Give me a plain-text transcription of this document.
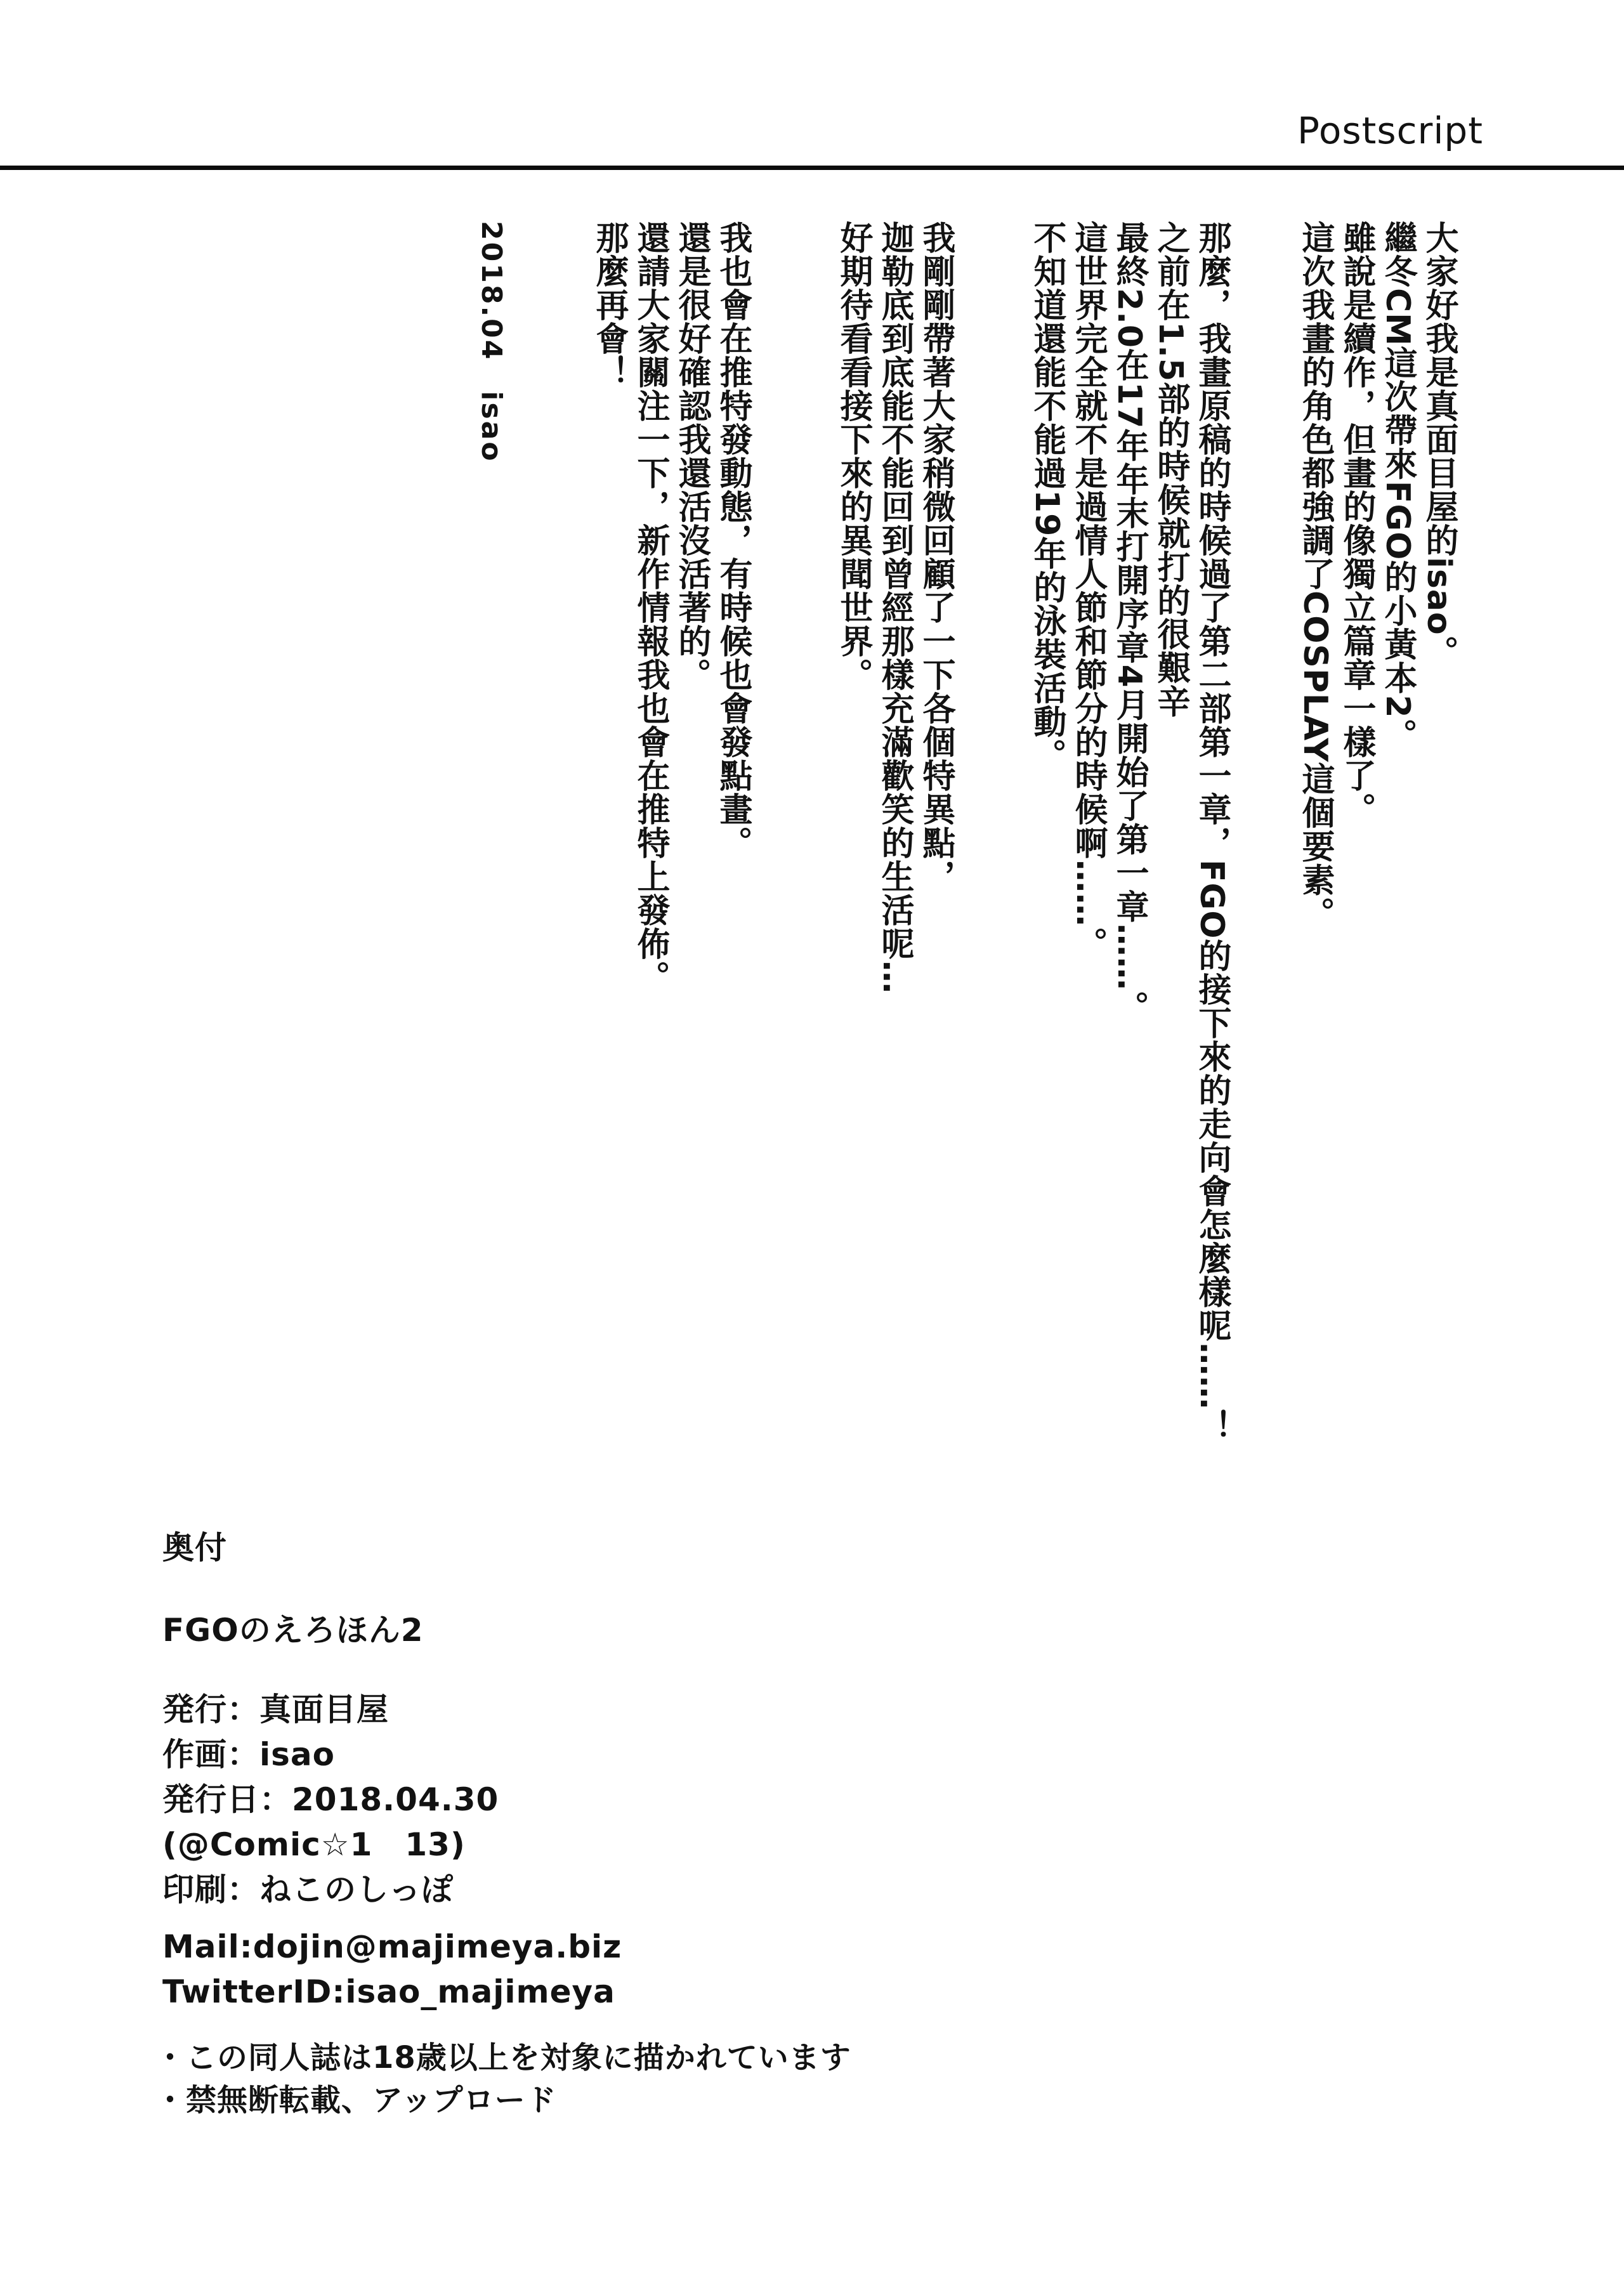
Postscript

大家好我是真面目屋的isao。

繼冬CM這次帶來FGO的小黃本2。

雖說是續作，但畫的像獨立篇章一樣了。

這次我畫的角色都強調了COSPLAY這個要素。

那麼，我畫原稿的時候過了第二部第一章，FGO的接下來的走向會怎麼樣呢……！

之前在1.5部的時候就打的很艱辛

最終2.0在17年年末打開序章4月開始了第一章……。

這世界完全就不是過情人節和節分的時候啊……。

不知道還能不能過19年的泳裝活動。

我剛剛帶著大家稍微回顧了一下各個特異點，

迦勒底到底能不能回到曾經那樣充滿歡笑的生活呢…

好期待看看接下來的異聞世界。

我也會在推特發動態，有時候也會發點畫。

還是很好確認我還活沒活著的。

還請大家關注一下，新作情報我也會在推特上發佈。

那麼再會！

2018.04　isao

奥付
FGOのえろほん2
発行：真面目屋
作画：isao
発行日：2018.04.30
(@Comic☆1　13)
印刷：ねこのしっぽ
Mail:dojin@majimeya.biz
TwitterID:isao_majimeya
・この同人誌は18歳以上を対象に描かれています
・禁無断転載、アップロード
